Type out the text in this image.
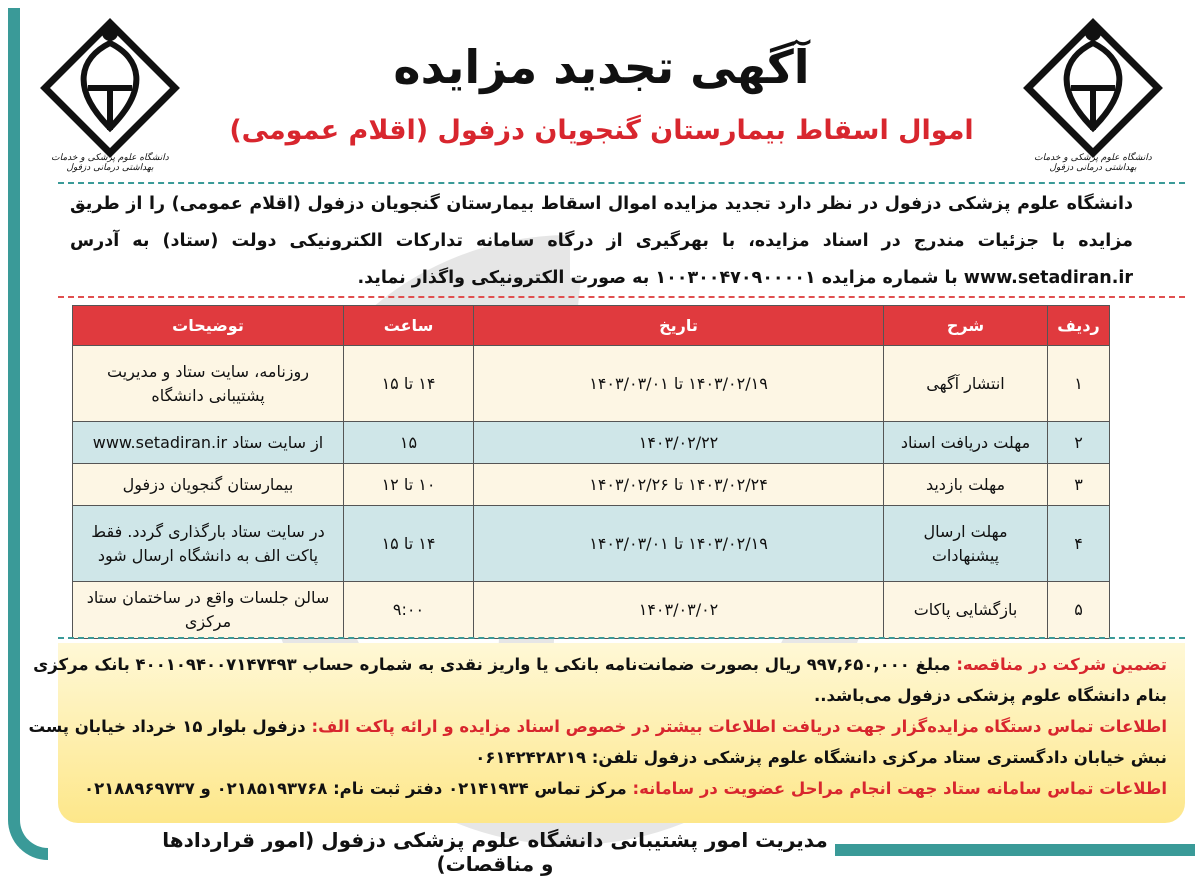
دانشگاه علوم پزشکی و خدمات بهداشتی درمانی دزفول
دانشگاه علوم پزشکی و خدمات بهداشتی درمانی دزفول
آگهی تجدید مزایده
اموال اسقاط بیمارستان گنجویان دزفول (اقلام عمومی)
دانشگاه علوم پزشکی دزفول در نظر دارد تجدید مزایده اموال اسقاط بیمارستان گنجویان دزفول (اقلام عمومی) را از طریق مزایده با جزئیات مندرج در اسناد مزایده، با بهرگیری از درگاه سامانه تدارکات الکترونیکی دولت (ستاد) به آدرس www.setadiran.ir با شماره مزایده ۱۰۰۳۰۰۴۷۰۹۰۰۰۰۱ به صورت الکترونیکی واگذار نماید.
ردیف	شرح	تاریخ	ساعت	توضیحات
۱	انتشار آگهی	۱۴۰۳/۰۲/۱۹ تا ۱۴۰۳/۰۳/۰۱	۱۴ تا ۱۵	روزنامه، سایت ستاد و مدیریت پشتیبانی دانشگاه
۲	مهلت دریافت اسناد	۱۴۰۳/۰۲/۲۲	۱۵	از سایت ستاد www.setadiran.ir
۳	مهلت بازدید	۱۴۰۳/۰۲/۲۴ تا ۱۴۰۳/۰۲/۲۶	۱۰ تا ۱۲	بیمارستان گنجویان دزفول
۴	مهلت ارسال پیشنهادات	۱۴۰۳/۰۲/۱۹ تا ۱۴۰۳/۰۳/۰۱	۱۴ تا ۱۵	در سایت ستاد بارگذاری گردد. فقط پاکت الف به دانشگاه ارسال شود
۵	بازگشایی پاکات	۱۴۰۳/۰۳/۰۲	۹:۰۰	سالن جلسات واقع در ساختمان ستاد مرکزی
تضمین شرکت در مناقصه: مبلغ ۹۹۷,۶۵۰,۰۰۰ ریال بصورت ضمانت‌نامه بانکی یا واریز نقدی به شماره حساب ۴۰۰۱۰۹۴۰۰۷۱۴۷۴۹۳ بانک مرکزی
بنام دانشگاه علوم پزشکی دزفول می‌باشد..
اطلاعات تماس دستگاه مزایده‌گزار جهت دریافت اطلاعات بیشتر در خصوص اسناد مزایده و ارائه پاکت الف: دزفول بلوار ۱۵ خرداد خیابان پست
نبش خیابان دادگستری ستاد مرکزی دانشگاه علوم پزشکی دزفول تلفن: ۰۶۱۴۲۴۲۸۲۱۹
اطلاعات تماس سامانه ستاد جهت انجام مراحل عضویت در سامانه: مرکز تماس ۰۲۱۴۱۹۳۴ دفتر ثبت نام: ۰۲۱۸۵۱۹۳۷۶۸ و ۰۲۱۸۸۹۶۹۷۳۷
مدیریت امور پشتیبانی دانشگاه علوم پزشکی دزفول (امور قراردادها و مناقصات)
